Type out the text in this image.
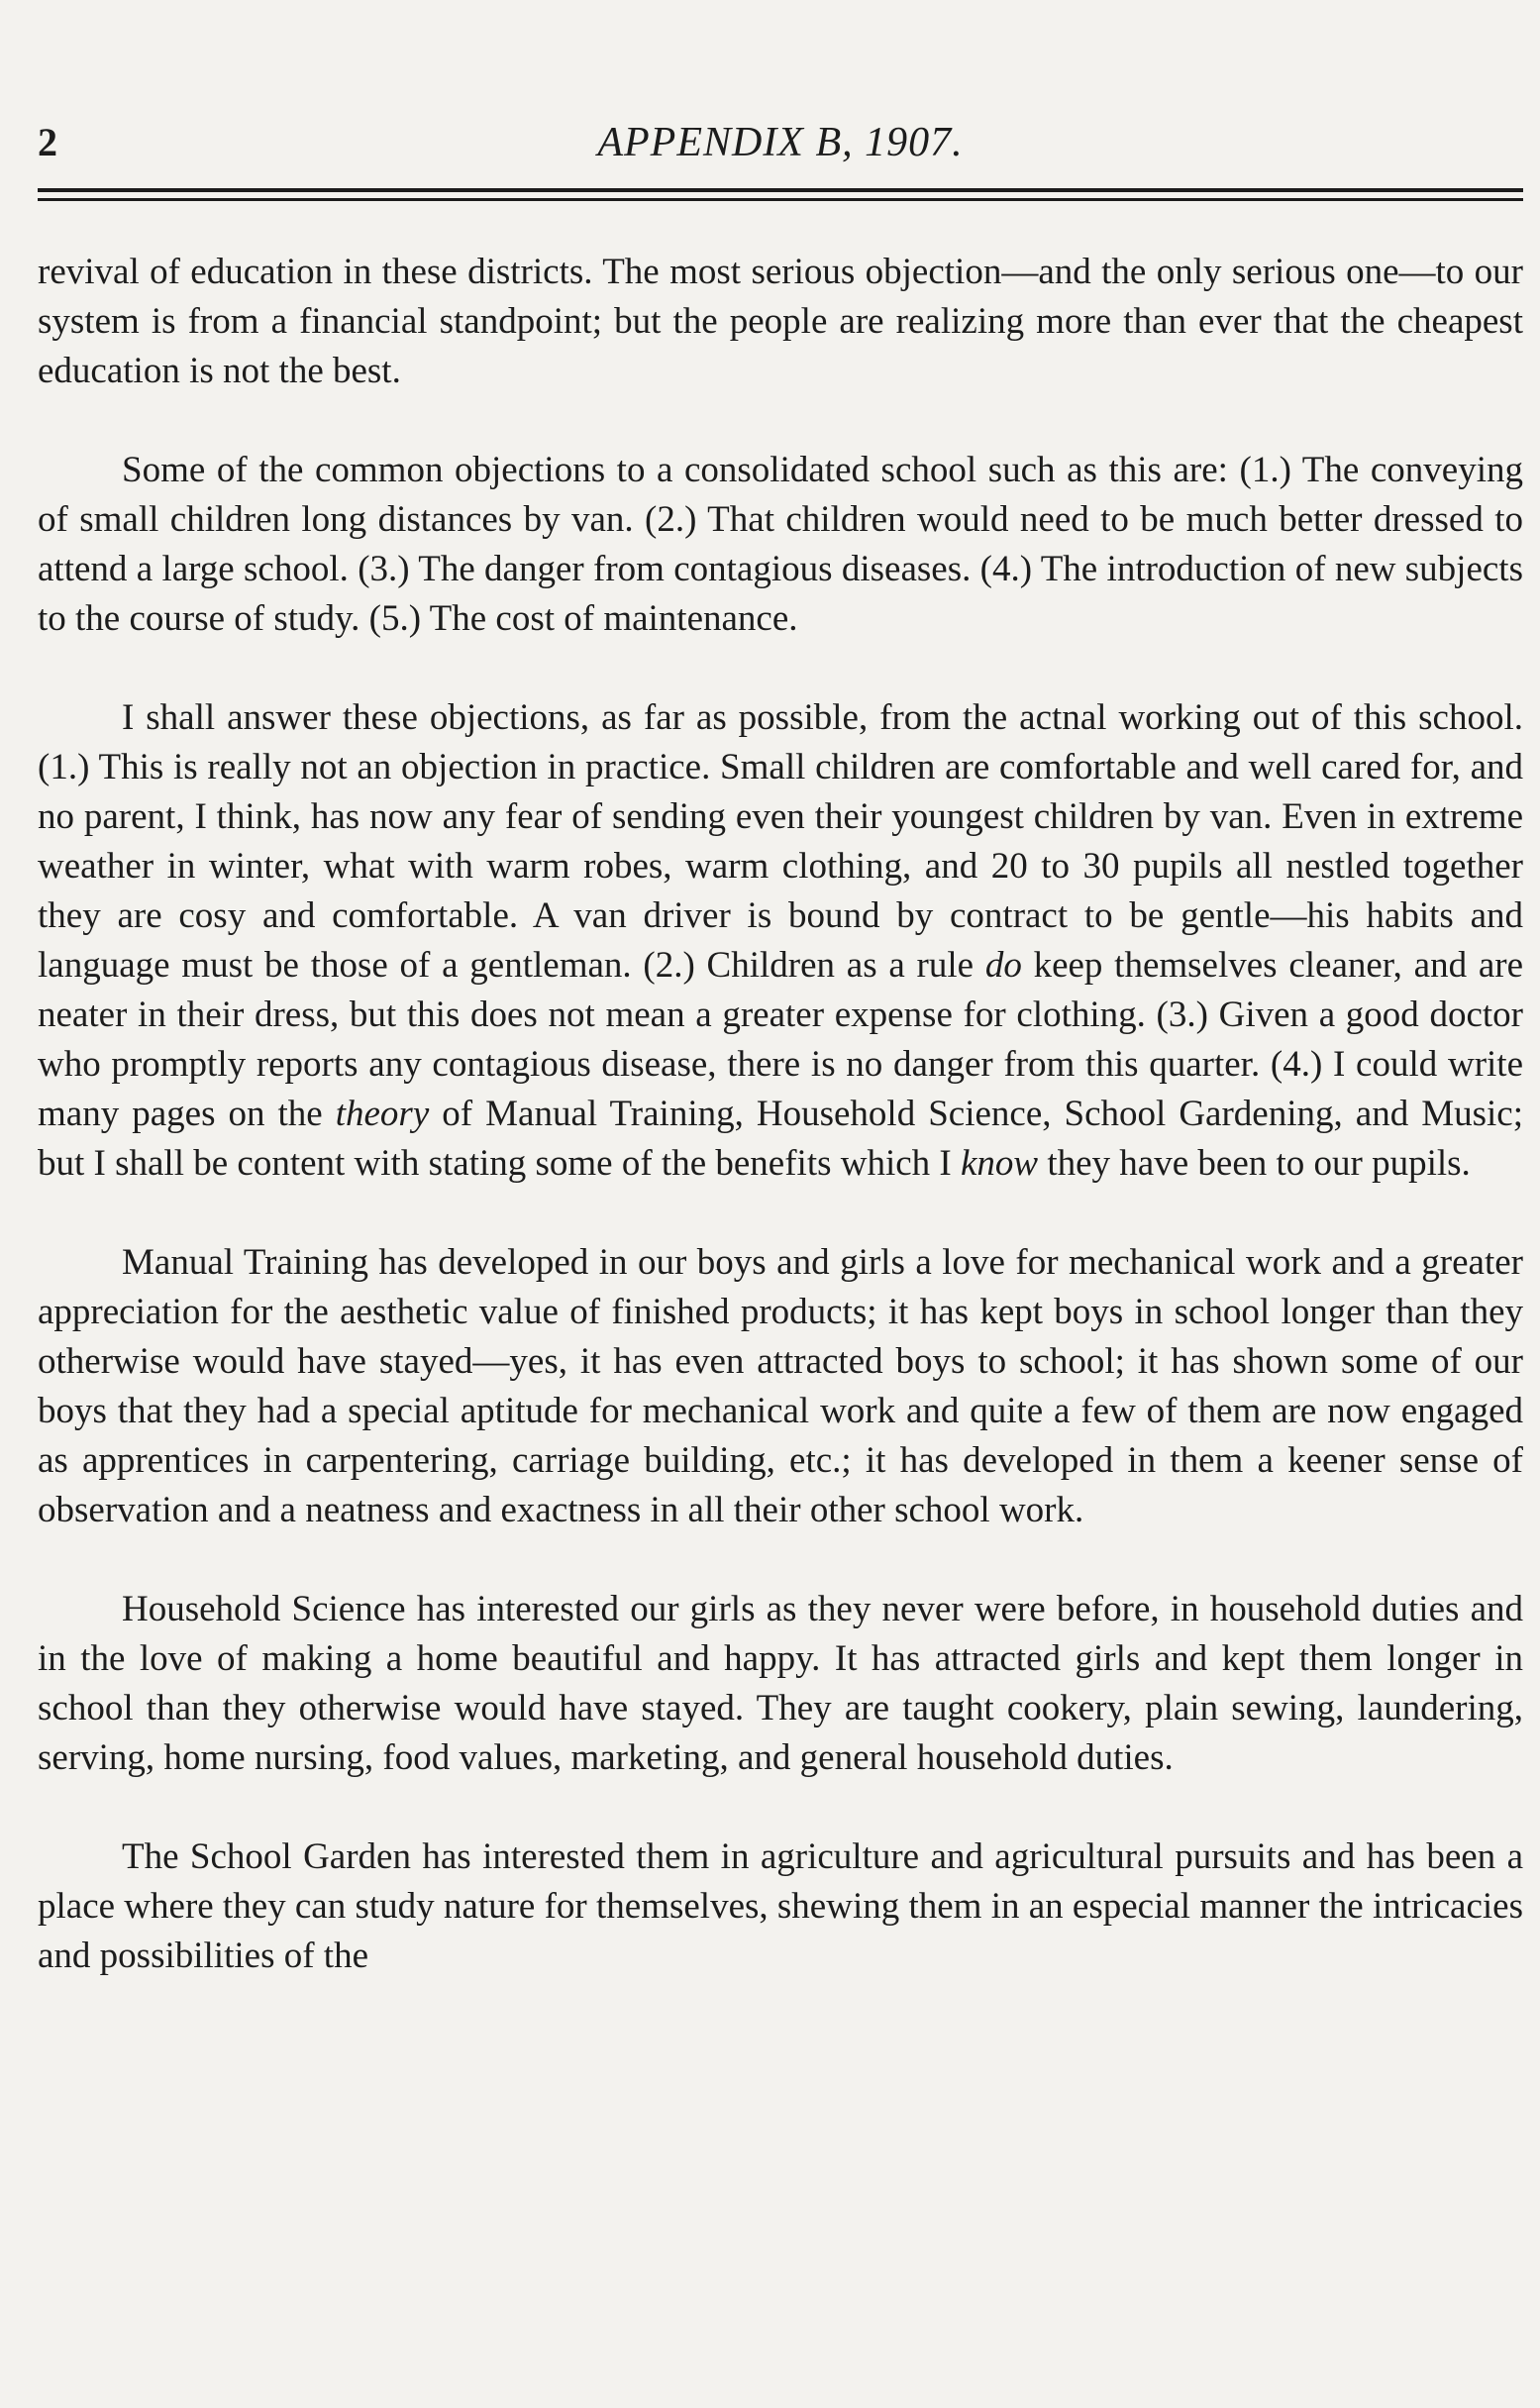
2	APPENDIX B, 1907.

revival of education in these districts. The most serious objection—and the only serious one—to our system is from a financial standpoint; but the people are realizing more than ever that the cheapest education is not the best.

Some of the common objections to a consolidated school such as this are: (1.) The conveying of small children long distances by van. (2.) That children would need to be much better dressed to attend a large school. (3.) The danger from contagious diseases. (4.) The introduction of new subjects to the course of study. (5.) The cost of maintenance.

I shall answer these objections, as far as possible, from the actnal working out of this school. (1.) This is really not an objection in practice. Small children are comfortable and well cared for, and no parent, I think, has now any fear of sending even their youngest children by van. Even in extreme weather in winter, what with warm robes, warm clothing, and 20 to 30 pupils all nestled together they are cosy and comfortable. A van driver is bound by contract to be gentle—his habits and language must be those of a gentleman. (2.) Children as a rule do keep themselves cleaner, and are neater in their dress, but this does not mean a greater expense for clothing. (3.) Given a good doctor who promptly reports any contagious disease, there is no danger from this quarter. (4.) I could write many pages on the theory of Manual Training, Household Science, School Gardening, and Music; but I shall be content with stating some of the benefits which I know they have been to our pupils.

Manual Training has developed in our boys and girls a love for mechanical work and a greater appreciation for the aesthetic value of finished products; it has kept boys in school longer than they otherwise would have stayed—yes, it has even attracted boys to school; it has shown some of our boys that they had a special aptitude for mechanical work and quite a few of them are now engaged as apprentices in carpentering, carriage building, etc.; it has developed in them a keener sense of observation and a neatness and exactness in all their other school work.

Household Science has interested our girls as they never were before, in household duties and in the love of making a home beautiful and happy. It has attracted girls and kept them longer in school than they otherwise would have stayed. They are taught cookery, plain sewing, laundering, serving, home nursing, food values, marketing, and general household duties.

The School Garden has interested them in agriculture and agricultural pursuits and has been a place where they can study nature for themselves, shewing them in an especial manner the intricacies and possibilities of the
